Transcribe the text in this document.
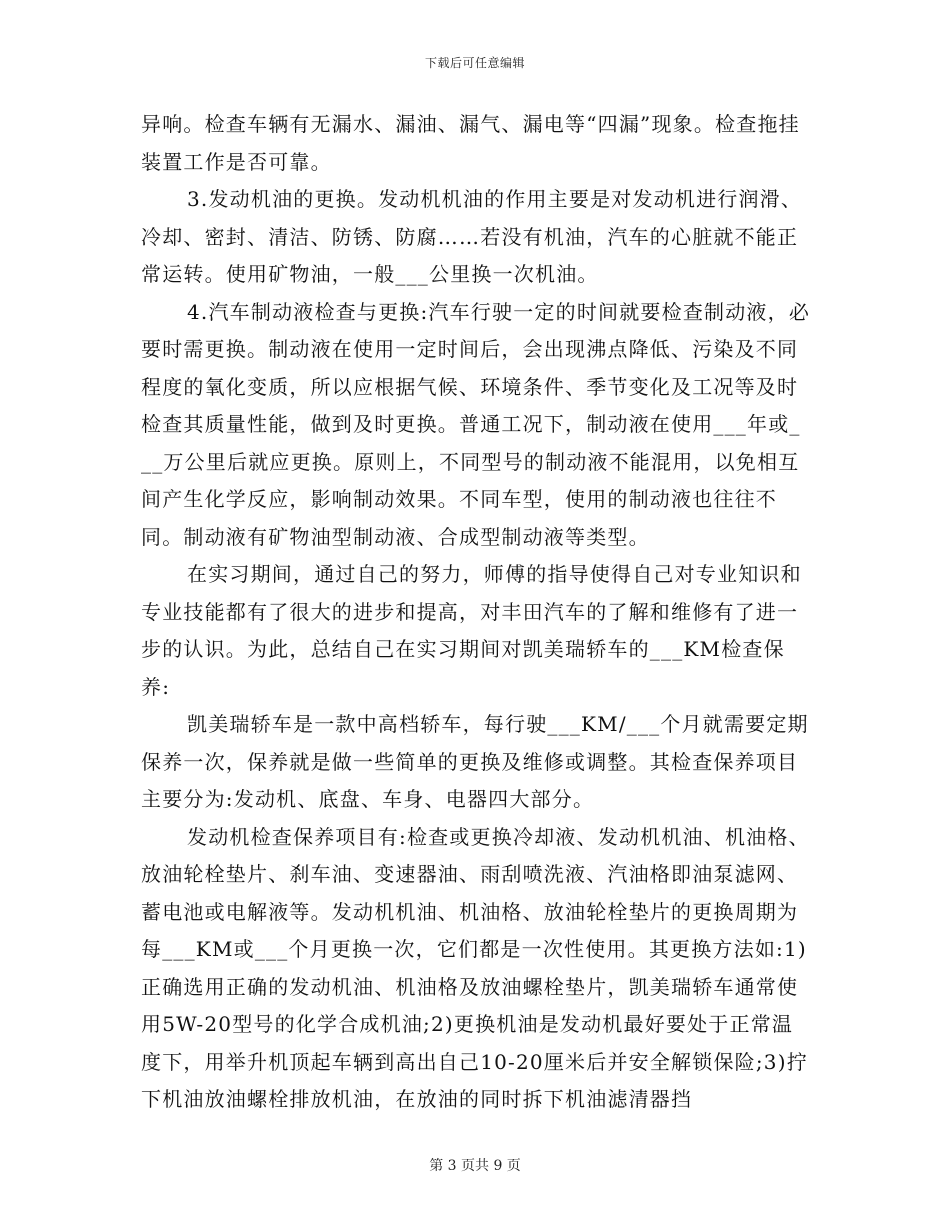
下载后可任意编辑

异响。检查车辆有无漏水、漏油、漏气、漏电等“四漏”现象。检查拖挂装置工作是否可靠。

3.发动机油的更换。发动机机油的作用主要是对发动机进行润滑、冷却、密封、清洁、防锈、防腐……若没有机油，汽车的心脏就不能正常运转。使用矿物油，一般___公里换一次机油。

4.汽车制动液检查与更换:汽车行驶一定的时间就要检查制动液，必要时需更换。制动液在使用一定时间后，会出现沸点降低、污染及不同程度的氧化变质，所以应根据气候、环境条件、季节变化及工况等及时检查其质量性能，做到及时更换。普通工况下，制动液在使用___年或___万公里后就应更换。原则上，不同型号的制动液不能混用，以免相互间产生化学反应，影响制动效果。不同车型，使用的制动液也往往不同。制动液有矿物油型制动液、合成型制动液等类型。

在实习期间，通过自己的努力，师傅的指导使得自己对专业知识和专业技能都有了很大的进步和提高，对丰田汽车的了解和维修有了进一步的认识。为此，总结自己在实习期间对凯美瑞轿车的___KM检查保养:

凯美瑞轿车是一款中高档轿车，每行驶___KM/___个月就需要定期保养一次，保养就是做一些简单的更换及维修或调整。其检查保养项目主要分为:发动机、底盘、车身、电器四大部分。

发动机检查保养项目有:检查或更换冷却液、发动机机油、机油格、放油轮栓垫片、刹车油、变速器油、雨刮喷洗液、汽油格即油泵滤网、蓄电池或电解液等。发动机机油、机油格、放油轮栓垫片的更换周期为每___KM或___个月更换一次，它们都是一次性使用。其更换方法如:1)正确选用正确的发动机油、机油格及放油螺栓垫片，凯美瑞轿车通常使用5W-20型号的化学合成机油;2)更换机油是发动机最好要处于正常温度下，用举升机顶起车辆到高出自己10-20厘米后并安全解锁保险;3)拧下机油放油螺栓排放机油，在放油的同时拆下机油滤清器挡

第 3 页共 9 页
